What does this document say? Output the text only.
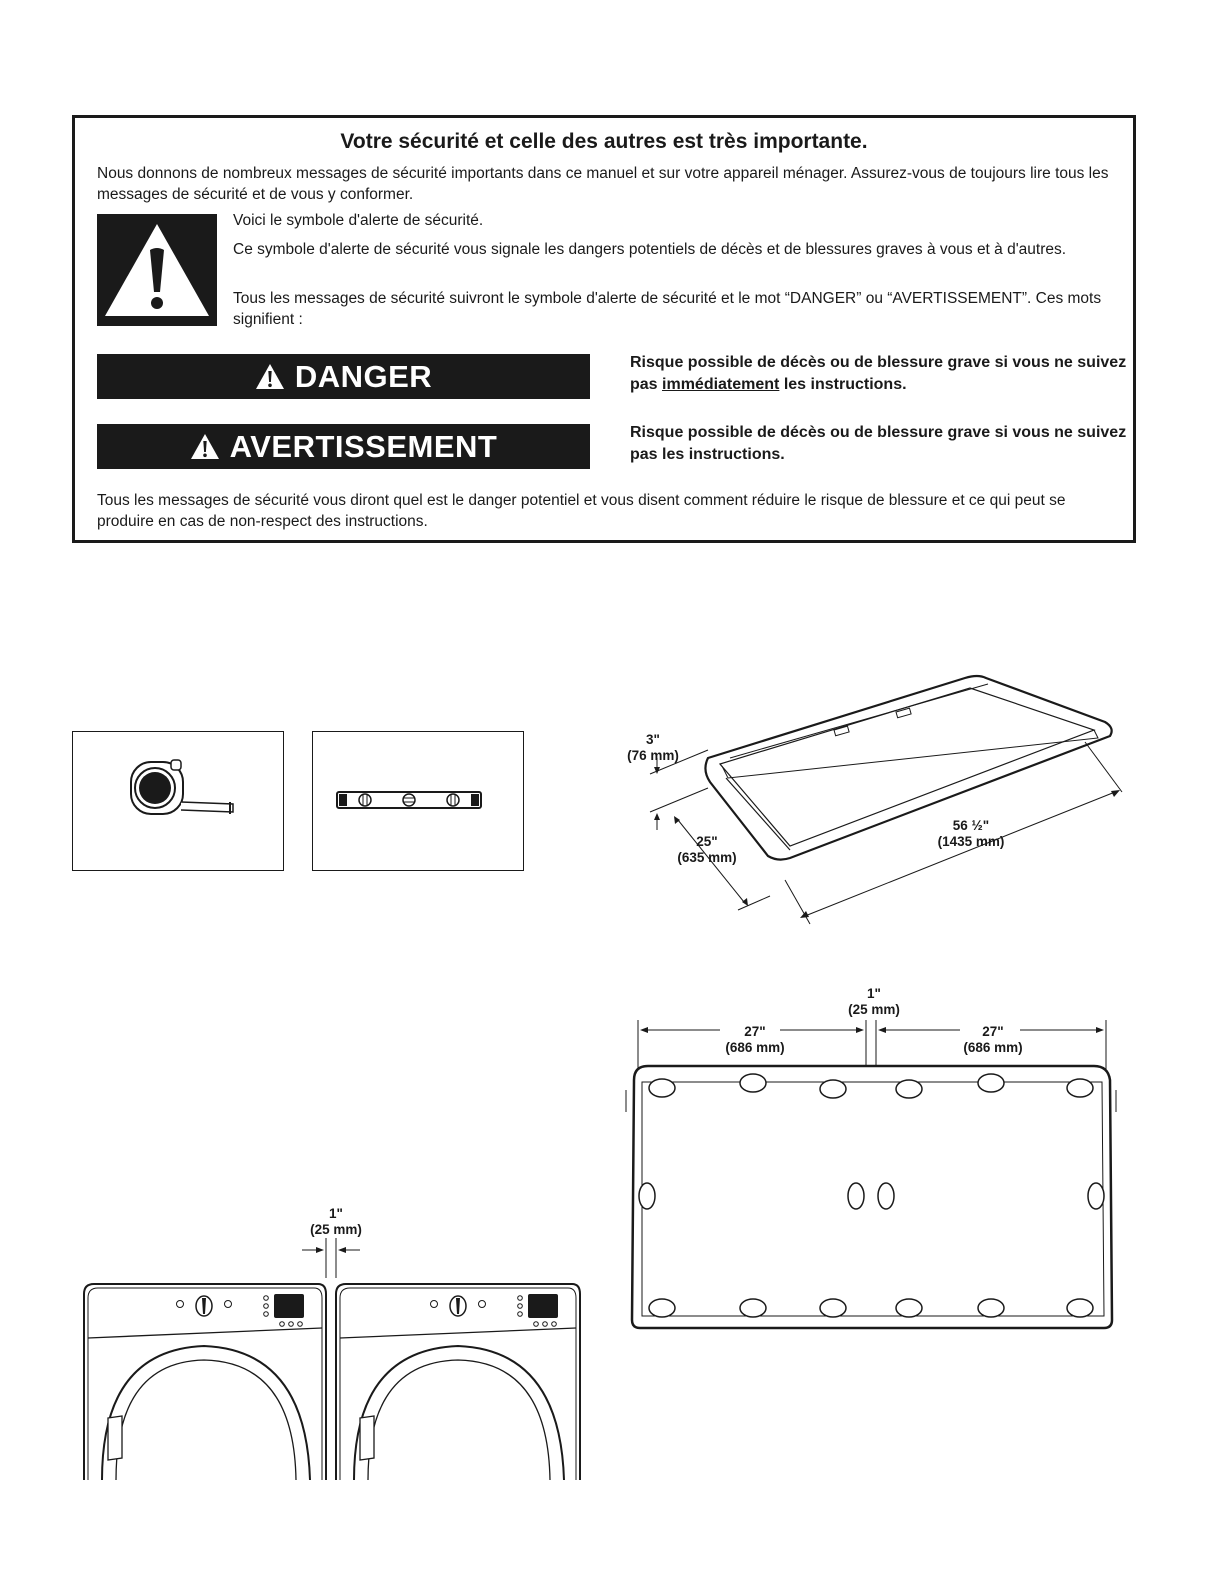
Votre sécurité et celle des autres est très importante.
Nous donnons de nombreux messages de sécurité importants dans ce manuel et sur votre appareil ménager. Assurez-vous de toujours lire tous les messages de sécurité et de vous y conformer.
Voici le symbole d'alerte de sécurité.
Ce symbole d'alerte de sécurité vous signale les dangers potentiels de décès et de blessures graves à vous et à d'autres.
Tous les messages de sécurité suivront le symbole d'alerte de sécurité et le mot “DANGER” ou “AVERTISSEMENT”. Ces mots signifient :
DANGER	Risque possible de décès ou de blessure grave si vous ne suivez pas immédiatement les instructions.
AVERTISSEMENT	Risque possible de décès ou de blessure grave si vous ne suivez pas les instructions.
Tous les messages de sécurité vous diront quel est le danger potentiel et vous disent comment réduire le risque de blessure et ce qui peut se produire en cas de non-respect des instructions.
3"
(76 mm)
25"
(635 mm)
56 ½"
(1435 mm)
1"
(25 mm)
27"
(686 mm)
27"
(686 mm)
1"
(25 mm)
